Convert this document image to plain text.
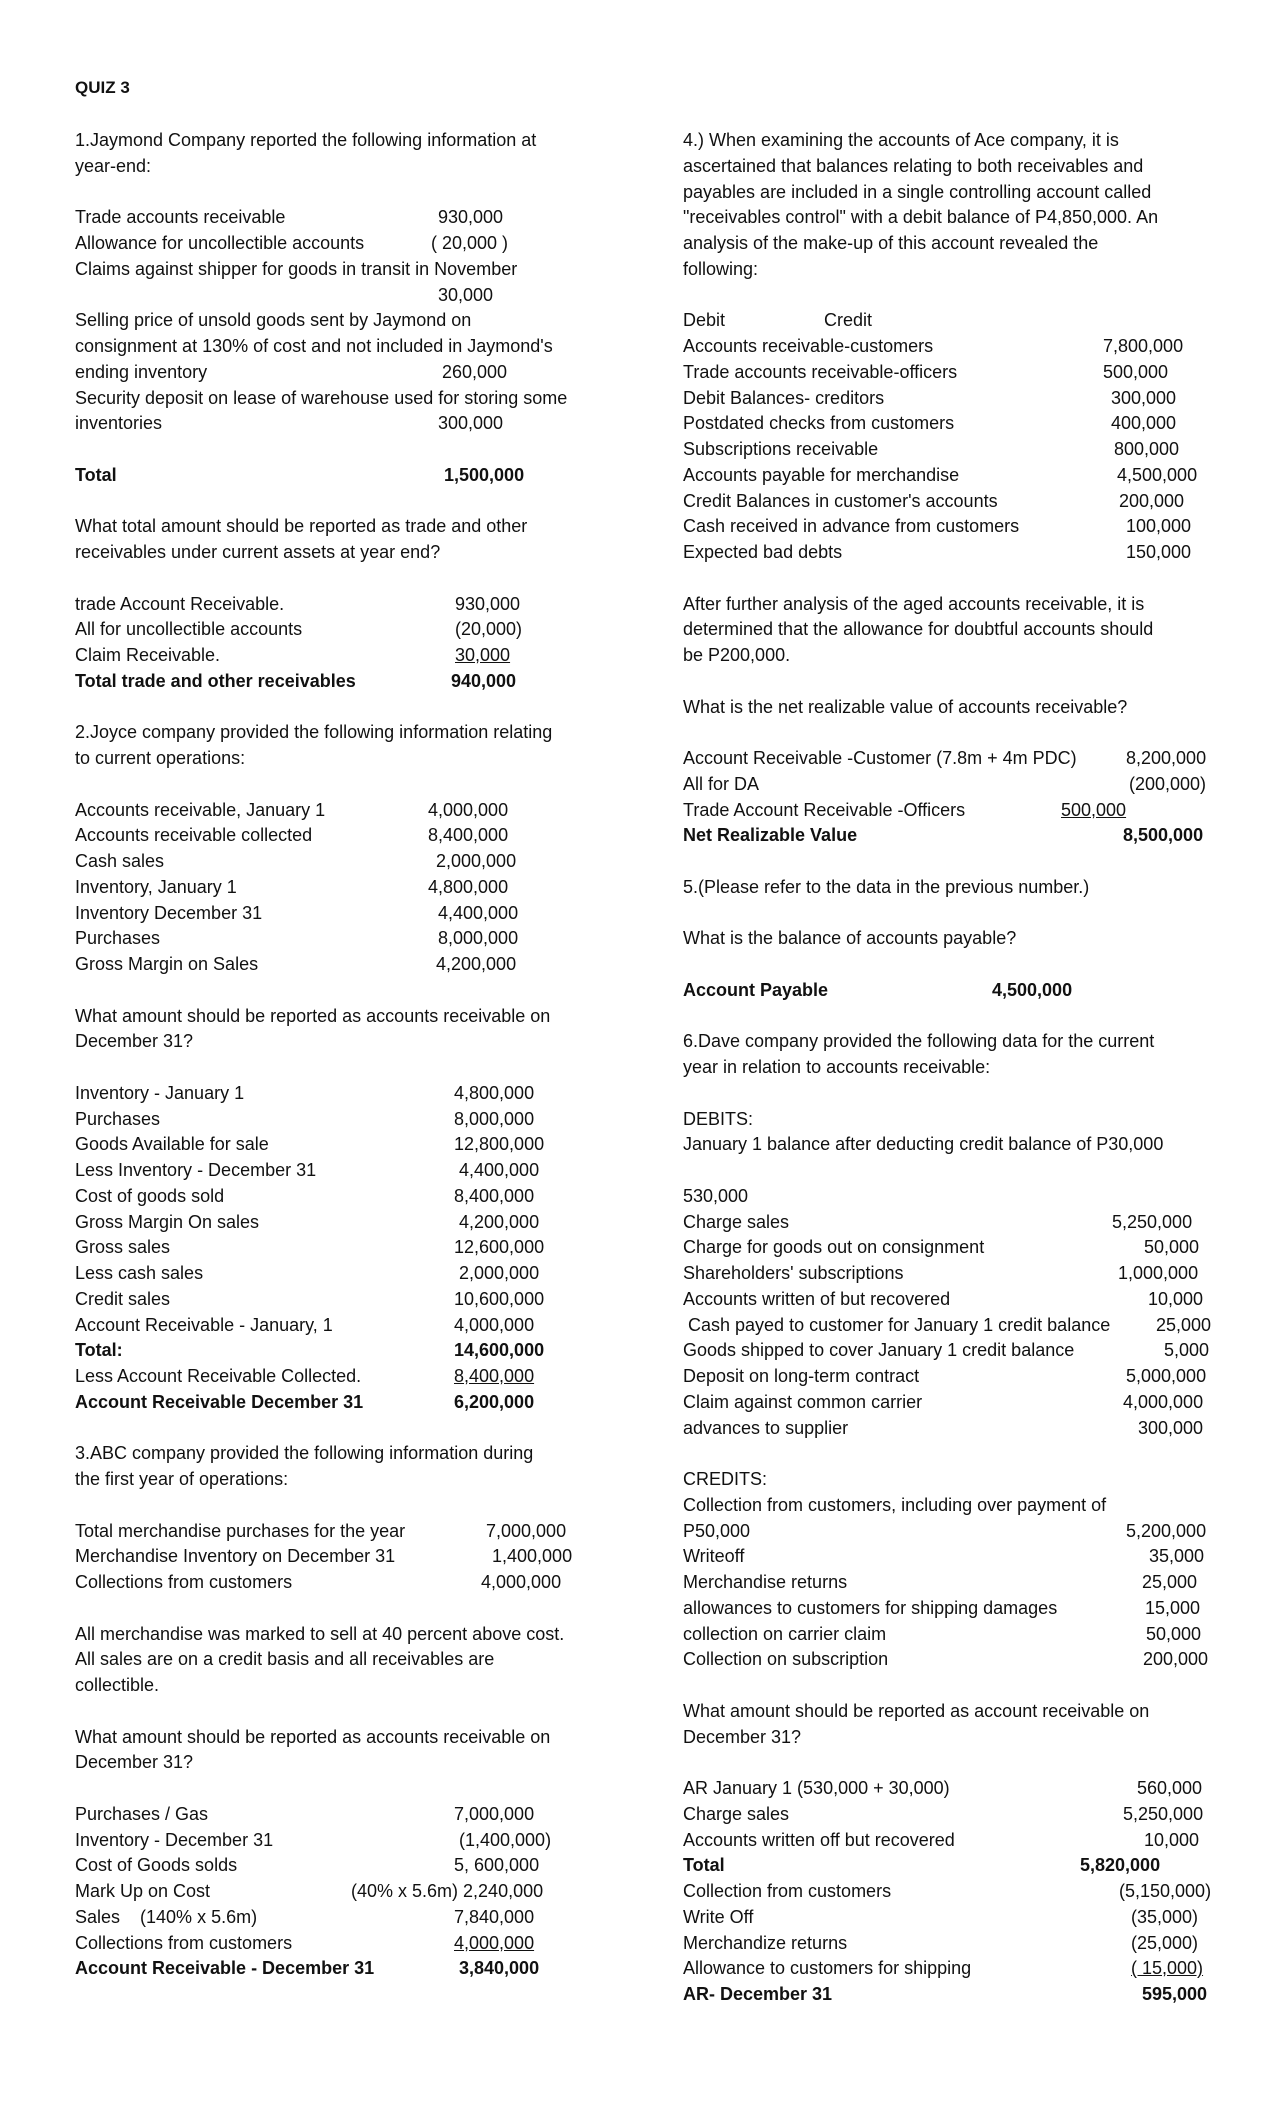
QUIZ 3
1.Jaymond Company reported the following information at
year-end:
Trade accounts receivable	930,000
Allowance for uncollectible accounts	( 20,000 )
Claims against shipper for goods in transit in November
30,000
Selling price of unsold goods sent by Jaymond on
consignment at 130% of cost and not included in Jaymond's
ending inventory	260,000
Security deposit on lease of warehouse used for storing some
inventories	300,000
Total	1,500,000
What total amount should be reported as trade and other
receivables under current assets at year end?
trade Account Receivable.	930,000
All for uncollectible accounts	(20,000)
Claim Receivable.	30,000
Total trade and other receivables	940,000
2.Joyce company provided the following information relating
to current operations:
Accounts receivable, January 1	4,000,000
Accounts receivable collected	8,400,000
Cash sales	2,000,000
Inventory, January 1	4,800,000
Inventory December 31	4,400,000
Purchases	8,000,000
Gross Margin on Sales	4,200,000
What amount should be reported as accounts receivable on
December 31?
Inventory - January 1	4,800,000
Purchases	8,000,000
Goods Available for sale	12,800,000
Less Inventory - December 31	4,400,000
Cost of goods sold	8,400,000
Gross Margin On sales	4,200,000
Gross sales	12,600,000
Less cash sales	2,000,000
Credit sales	10,600,000
Account Receivable - January, 1	4,000,000
Total:	14,600,000
Less Account Receivable Collected.	8,400,000
Account Receivable December 31	6,200,000
3.ABC company provided the following information during
the first year of operations:
Total merchandise purchases for the year	7,000,000
Merchandise Inventory on December 31	1,400,000
Collections from customers	4,000,000
All merchandise was marked to sell at 40 percent above cost.
All sales are on a credit basis and all receivables are
collectible.
What amount should be reported as accounts receivable on
December 31?
Purchases / Gas	7,000,000
Inventory - December 31	(1,400,000)
Cost of Goods solds	5, 600,000
Mark Up on Cost	(40% x 5.6m) 2,240,000
Sales    (140% x 5.6m)	7,840,000
Collections from customers	4,000,000
Account Receivable - December 31	3,840,000
4.) When examining the accounts of Ace company, it is
ascertained that balances relating to both receivables and
payables are included in a single controlling account called
"receivables control" with a debit balance of P4,850,000. An
analysis of the make-up of this account revealed the
following:
Debit	Credit
Accounts receivable-customers	7,800,000
Trade accounts receivable-officers	500,000
Debit Balances- creditors	300,000
Postdated checks from customers	400,000
Subscriptions receivable	800,000
Accounts payable for merchandise	4,500,000
Credit Balances in customer's accounts	200,000
Cash received in advance from customers	100,000
Expected bad debts	150,000
After further analysis of the aged accounts receivable, it is
determined that the allowance for doubtful accounts should
be P200,000.
What is the net realizable value of accounts receivable?
Account Receivable -Customer (7.8m + 4m PDC)	8,200,000
All for DA	(200,000)
Trade Account Receivable -Officers	500,000
Net Realizable Value	8,500,000
5.(Please refer to the data in the previous number.)
What is the balance of accounts payable?
Account Payable	4,500,000
6.Dave company provided the following data for the current
year in relation to accounts receivable:
DEBITS:
January 1 balance after deducting credit balance of P30,000
530,000
Charge sales	5,250,000
Charge for goods out on consignment	50,000
Shareholders' subscriptions	1,000,000
Accounts written of but recovered	10,000
Cash payed to customer for January 1 credit balance	25,000
Goods shipped to cover January 1 credit balance	5,000
Deposit on long-term contract	5,000,000
Claim against common carrier	4,000,000
advances to supplier	300,000
CREDITS:
Collection from customers, including over payment of
P50,000	5,200,000
Writeoff	35,000
Merchandise returns	25,000
allowances to customers for shipping damages	15,000
collection on carrier claim	50,000
Collection on subscription	200,000
What amount should be reported as account receivable on
December 31?
AR January 1 (530,000 + 30,000)	560,000
Charge sales	5,250,000
Accounts written off but recovered	10,000
Total	5,820,000
Collection from customers	(5,150,000)
Write Off	(35,000)
Merchandize returns	(25,000)
Allowance to customers for shipping	( 15,000)
AR- December 31	595,000
